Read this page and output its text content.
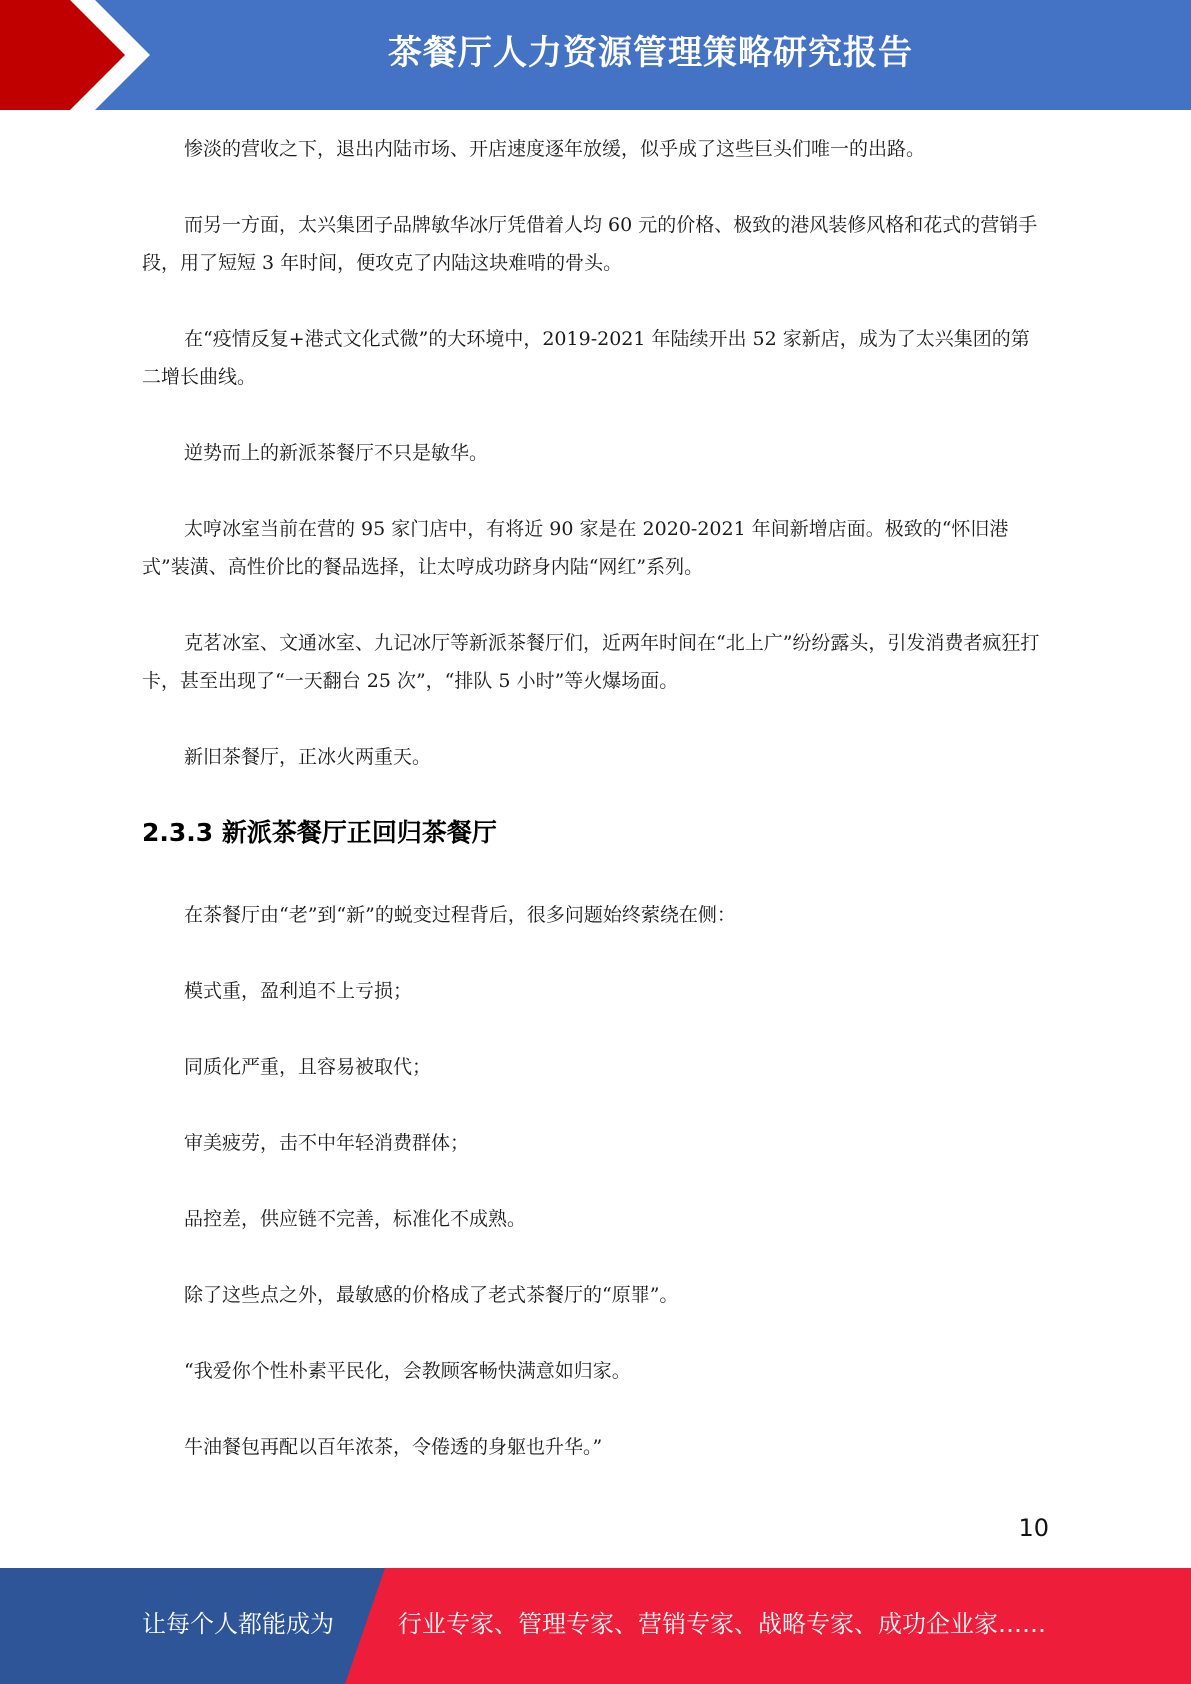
茶餐厅人力资源管理策略研究报告

惨淡的营收之下，退出内陆市场、开店速度逐年放缓，似乎成了这些巨头们唯一的出路。

而另一方面，太兴集团子品牌敏华冰厅凭借着人均 60 元的价格、极致的港风装修风格和花式的营销手段，用了短短 3 年时间，便攻克了内陆这块难啃的骨头。

在“疫情反复+港式文化式微”的大环境中，2019-2021 年陆续开出 52 家新店，成为了太兴集团的第二增长曲线。

逆势而上的新派茶餐厅不只是敏华。

太哼冰室当前在营的 95 家门店中，有将近 90 家是在 2020-2021 年间新增店面。极致的“怀旧港式”装潢、高性价比的餐品选择，让太哼成功跻身内陆“网红”系列。

克茗冰室、文通冰室、九记冰厅等新派茶餐厅们，近两年时间在“北上广”纷纷露头，引发消费者疯狂打卡，甚至出现了“一天翻台 25 次”，“排队 5 小时”等火爆场面。

新旧茶餐厅，正冰火两重天。

2.3.3 新派茶餐厅正回归茶餐厅

在茶餐厅由“老”到“新”的蜕变过程背后，很多问题始终萦绕在侧：

模式重，盈利追不上亏损；

同质化严重，且容易被取代；

审美疲劳，击不中年轻消费群体；

品控差，供应链不完善，标准化不成熟。

除了这些点之外，最敏感的价格成了老式茶餐厅的“原罪”。

“我爱你个性朴素平民化，会教顾客畅快满意如归家。

牛油餐包再配以百年浓茶，令倦透的身躯也升华。”

10
让每个人都能成为	行业专家、管理专家、营销专家、战略专家、成功企业家……
